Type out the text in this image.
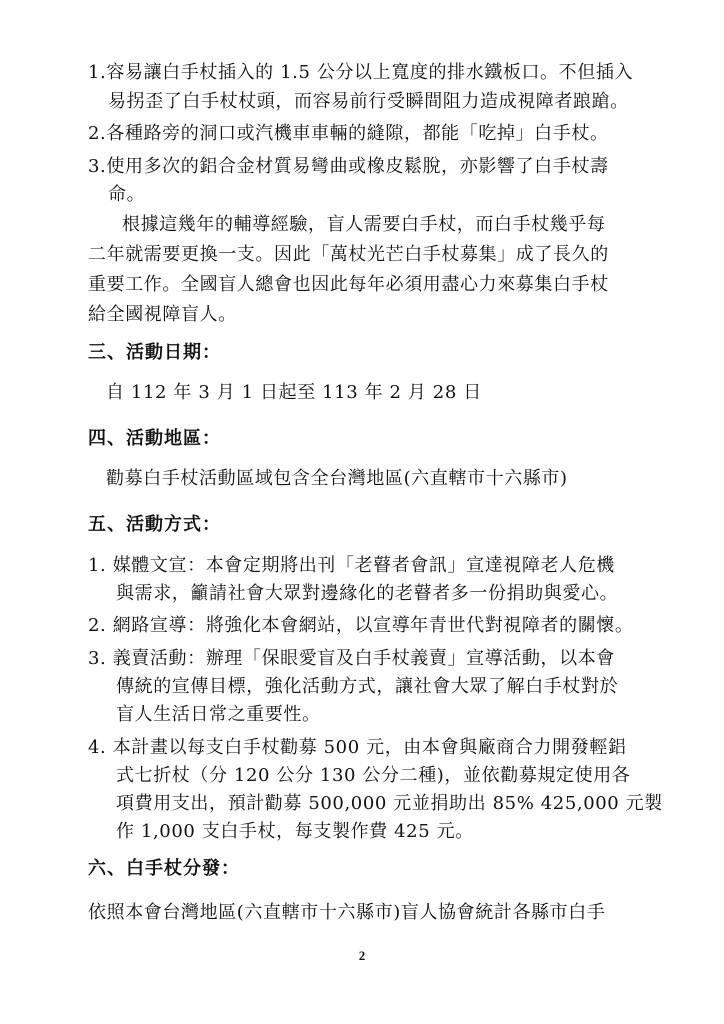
1.容易讓白手杖插入的 1.5 公分以上寬度的排水鐵板口。不但插入
易拐歪了白手杖杖頭，而容易前行受瞬間阻力造成視障者踉蹌。
2.各種路旁的洞口或汽機車車輛的縫隙，都能「吃掉」白手杖。
3.使用多次的鋁合金材質易彎曲或橡皮鬆脫，亦影響了白手杖壽
命。
根據這幾年的輔導經驗，盲人需要白手杖，而白手杖幾乎每
二年就需要更換一支。因此「萬杖光芒白手杖募集」成了長久的
重要工作。全國盲人總會也因此每年必須用盡心力來募集白手杖
給全國視障盲人。
三、活動日期：
自 112 年 3 月 1 日起至 113 年 2 月 28 日
四、活動地區：
勸募白手杖活動區域包含全台灣地區(六直轄市十六縣市)
五、活動方式：
1. 媒體文宣：本會定期將出刊「老瞽者會訊」宣達視障老人危機
與需求，籲請社會大眾對邊緣化的老瞽者多一份捐助與愛心。
2. 網路宣導：將強化本會網站，以宣導年青世代對視障者的關懷。
3. 義賣活動：辦理「保眼愛盲及白手杖義賣」宣導活動，以本會
傳統的宣傳目標，強化活動方式，讓社會大眾了解白手杖對於
盲人生活日常之重要性。
4. 本計畫以每支白手杖勸募 500 元，由本會與廠商合力開發輕鋁
式七折杖（分 120 公分 130 公分二種)，並依勸募規定使用各
項費用支出，預計勸募 500,000 元並捐助出 85% 425,000 元製
作 1,000 支白手杖，每支製作費 425 元。
六、白手杖分發：
依照本會台灣地區(六直轄市十六縣市)盲人協會統計各縣市白手
2
